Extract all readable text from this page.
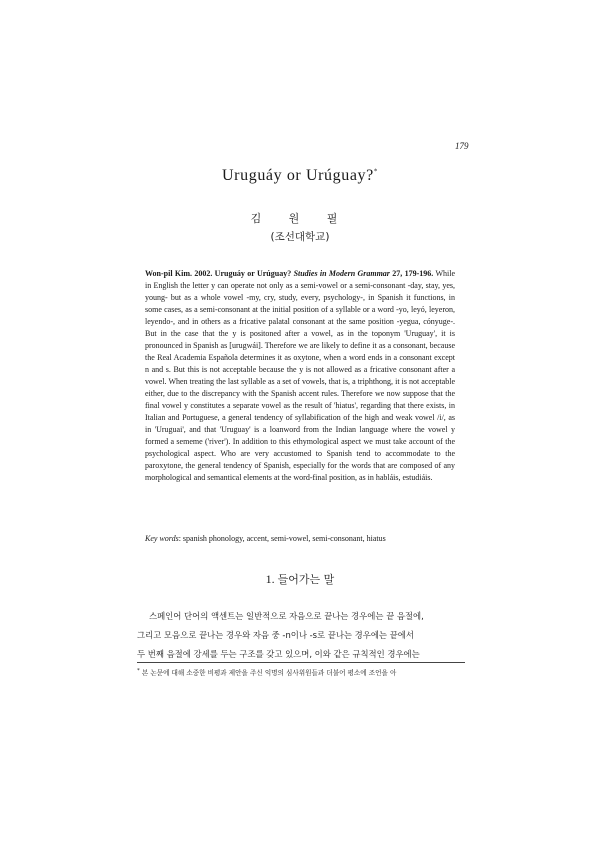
179
Uruguáy or Urúguay?*
김 원 필
(조선대학교)

Won-pil Kim. 2002. Uruguáy or Urúguay? Studies in Modern Grammar 27, 179-196. While in English the letter y can operate not only as a semi-vowel or a semi-consonant -day, stay, yes, young- but as a whole vowel -my, cry, study, every, psychology-, in Spanish it functions, in some cases, as a semi-consonant at the initial position of a syllable or a word -yo, leyó, leyeron, leyendo-, and in others as a fricative palatal consonant at the same position -yegua, cónyuge-. But in the case that the y is positoned after a vowel, as in the toponym 'Uruguay', it is pronounced in Spanish as [urugwái]. Therefore we are likely to define it as a consonant, because the Real Academia Española determines it as oxytone, when a word ends in a consonant except n and s. But this is not acceptable because the y is not allowed as a fricative consonant after a vowel. When treating the last syllable as a set of vowels, that is, a triphthong, it is not acceptable either, due to the discrepancy with the Spanish accent rules. Therefore we now suppose that the final vowel y constitutes a separate vowel as the result of 'hiatus', regarding that there exists, in Italian and Portuguese, a general tendency of syllabification of the high and weak vowel /i/, as in 'Uruguai', and that 'Uruguay' is a loanword from the Indian language where the vowel y formed a sememe ('river'). In addition to this ethymological aspect we must take account of the psychological aspect. Who are very accustomed to Spanish tend to accommodate to the paroxytone, the general tendency of Spanish, especially for the words that are composed of any morphological and semantical elements at the word-final position, as in habláis, estudiáis.

Key words: spanish phonology, accent, semi-vowel, semi-consonant, hiatus
1. 들어가는 말
스페인어 단어의 액센트는 일반적으로 자음으로 끝나는 경우에는 끝 음절에,
그리고 모음으로 끝나는 경우와 자음 중 -n이나 -s로 끝나는 경우에는 끝에서
두 번째 음절에 강세를 두는 구조를 갖고 있으며, 이와 같은 규칙적인 경우에는
* 본 논문에 대해 소중한 비평과 제안을 주신 익명의 심사위원들과 더불어 평소에 조언을 아
